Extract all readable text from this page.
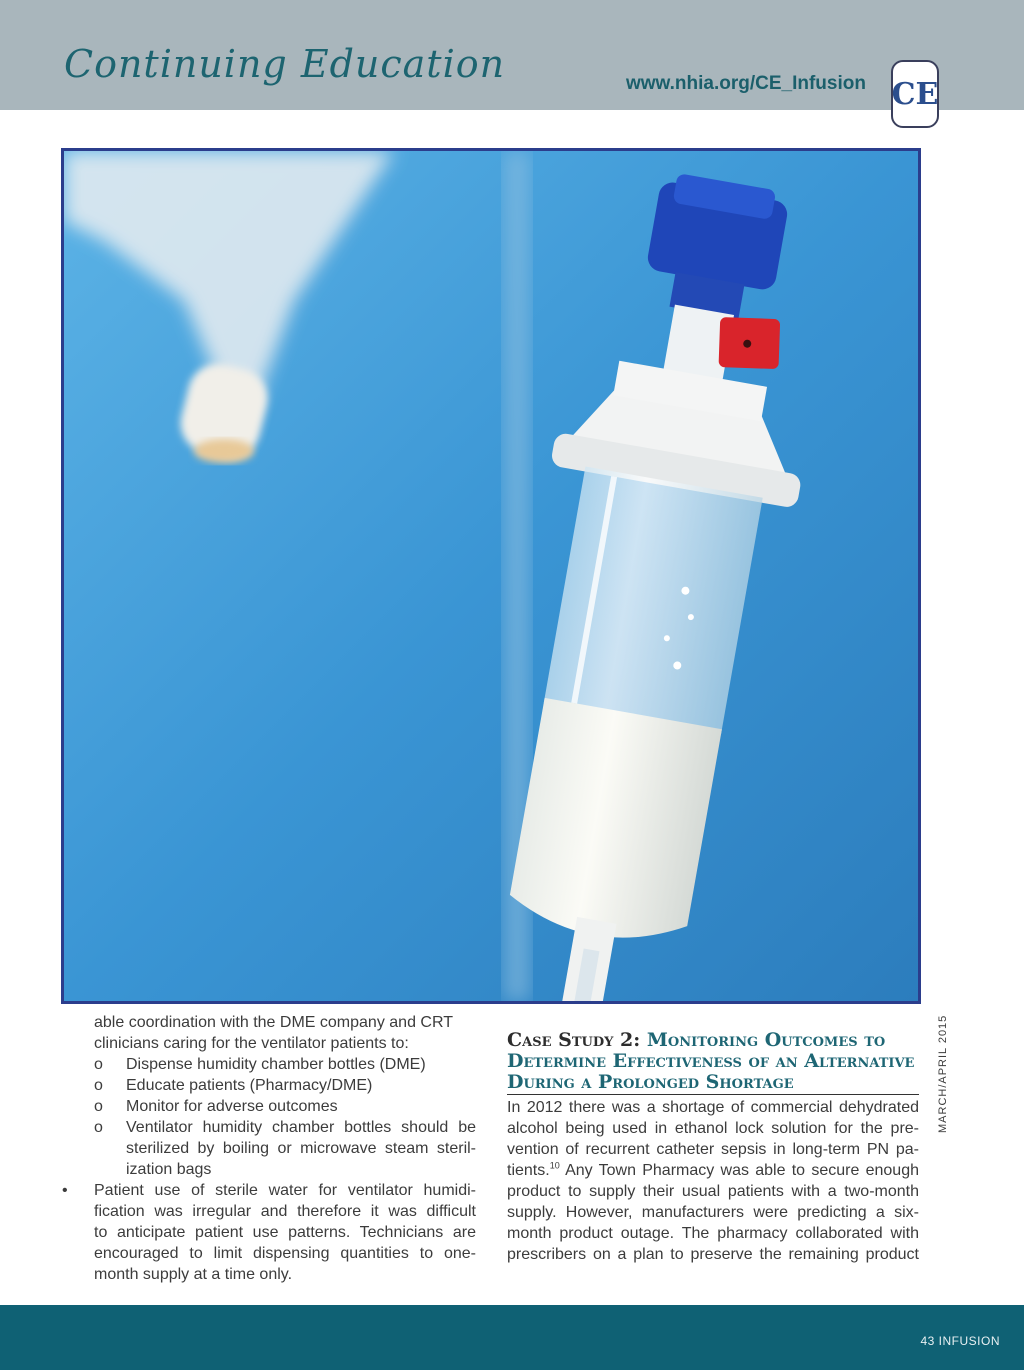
Continuing Education	www.nhia.org/CE_Infusion CE
able coordination with the DME company and CRT
clinicians caring for the ventilator patients to:
o Dispense humidity chamber bottles (DME)
o Educate patients (Pharmacy/DME)
o Monitor for adverse outcomes
o Ventilator humidity chamber bottles should be
sterilized by boiling or microwave steam steril-
ization bags
• Patient use of sterile water for ventilator humidi-
fication was irregular and therefore it was difficult
to anticipate patient use patterns. Technicians are
encouraged to limit dispensing quantities to one-
month supply at a time only.
Case Study 2: Monitoring Outcomes to Determine Effectiveness of an Alternative During a Prolonged Shortage
In 2012 there was a shortage of commercial dehydrated
alcohol being used in ethanol lock solution for the pre-
vention of recurrent catheter sepsis in long-term PN pa-
tients.$^{10}$ Any Town Pharmacy was able to secure enough
product to supply their usual patients with a two-month
supply. However, manufacturers were predicting a six-
month product outage. The pharmacy collaborated with
prescribers on a plan to preserve the remaining product
MARCH/APRIL 2015
43 INFUSION
